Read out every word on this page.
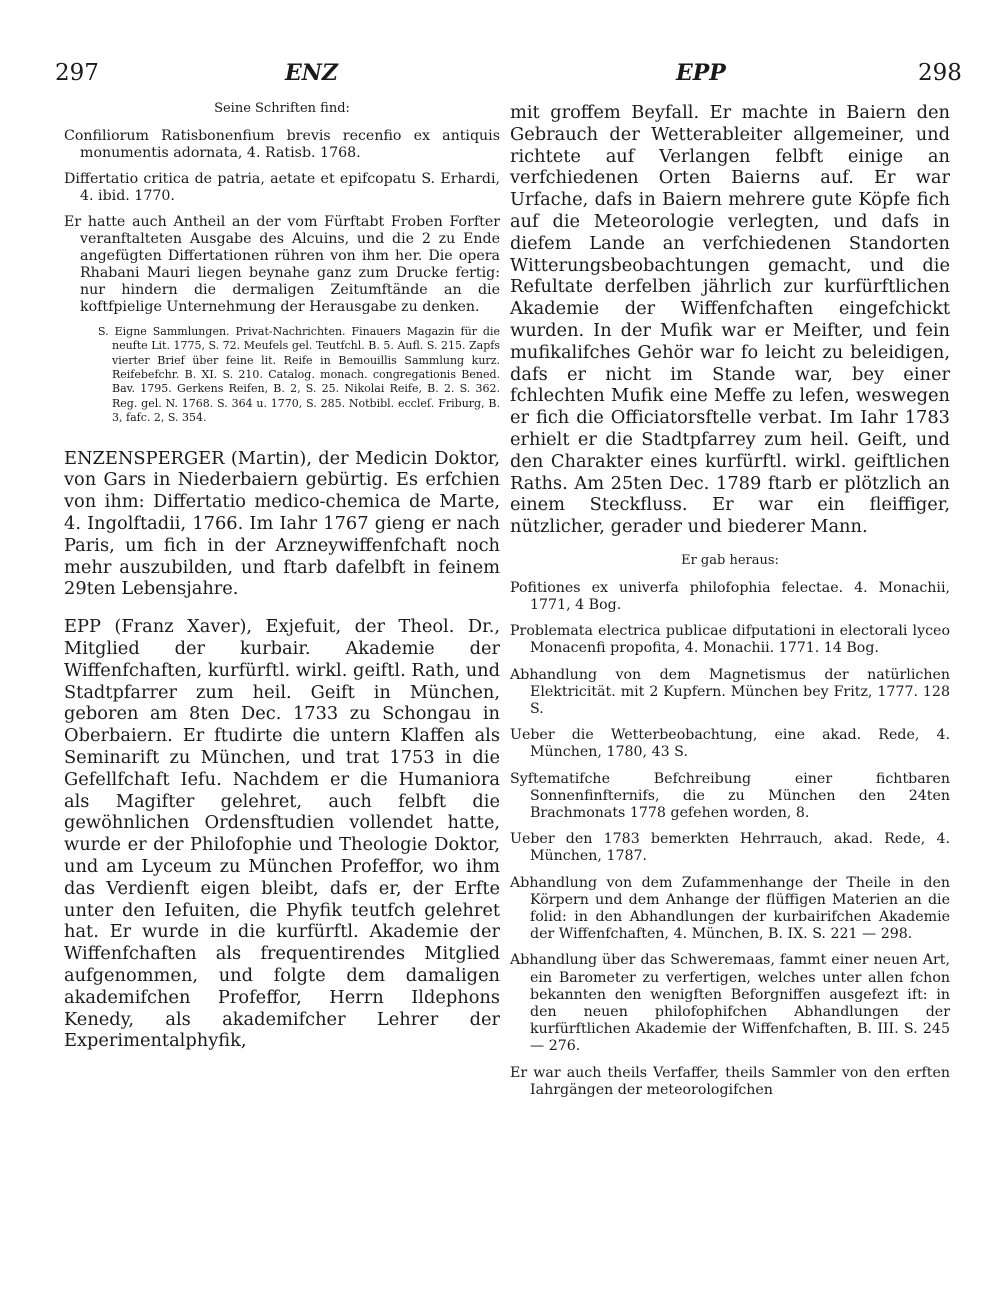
297	ENZ	EPP	298

Seine Schriften find:

Confiliorum Ratisbonenfium brevis recenfio ex antiquis monumentis adornata, 4. Ratisb. 1768.

Differtatio critica de patria, aetate et epifcopatu S. Erhardi, 4. ibid. 1770.

Er hatte auch Antheil an der vom Fürftabt Froben Forfter veranftalteten Ausgabe des Alcuins, und die 2 zu Ende angefügten Differtationen rühren von ihm her. Die opera Rhabani Mauri liegen beynahe ganz zum Drucke fertig: nur hindern die dermaligen Zeitumftände an die koftfpielige Unternehmung der Herausgabe zu denken.

S. Eigne Sammlungen. Privat-Nachrichten. Finauers Magazin für die neufte Lit. 1775, S. 72. Meufels gel. Teutfchl. B. 5. Aufl. S. 215. Zapfs vierter Brief über feine lit. Reife in Bemouillis Sammlung kurz. Reifebefchr. B. XI. S. 210. Catalog. monach. congregationis Bened. Bav. 1795. Gerkens Reifen, B. 2, S. 25. Nikolai Reife, B. 2. S. 362. Reg. gel. N. 1768. S. 364 u. 1770, S. 285. Notbibl. eccleſ. Friburg, B. 3, fafc. 2, S. 354.

ENZENSPERGER (Martin), der Medicin Doktor, von Gars in Niederbaiern gebürtig. Es erfchien von ihm: Differtatio medico-chemica de Marte, 4. Ingolftadii, 1766. Im Iahr 1767 gieng er nach Paris, um fich in der Arzneywiffenfchaft noch mehr auszubilden, und ftarb dafelbft in feinem 29ten Lebensjahre.

EPP (Franz Xaver), Exjefuit, der Theol. Dr., Mitglied der kurbair. Akademie der Wiffenfchaften, kurfürftl. wirkl. geiftl. Rath, und Stadtpfarrer zum heil. Geift in München, geboren am 8ten Dec. 1733 zu Schongau in Oberbaiern. Er ftudirte die untern Klaffen als Seminarift zu München, und trat 1753 in die Gefellfchaft Iefu. Nachdem er die Humaniora als Magifter gelehret, auch felbft die gewöhnlichen Ordensftudien vollendet hatte, wurde er der Philofophie und Theologie Doktor, und am Lyceum zu München Profeffor, wo ihm das Verdienft eigen bleibt, dafs er, der Erfte unter den Iefuiten, die Phyfik teutfch gelehret hat. Er wurde in die kurfürftl. Akademie der Wiffenfchaften als frequentirendes Mitglied aufgenommen, und folgte dem damaligen akademifchen Profeffor, Herrn Ildephons Kenedy, als akademifcher Lehrer der Experimentalphyfik,

mit groffem Beyfall. Er machte in Baiern den Gebrauch der Wetterableiter allgemeiner, und richtete auf Verlangen felbft einige an verfchiedenen Orten Baierns auf. Er war Urfache, dafs in Baiern mehrere gute Köpfe fich auf die Meteorologie verlegten, und dafs in diefem Lande an verfchiedenen Standorten Witterungsbeobachtungen gemacht, und die Refultate derfelben jährlich zur kurfürftlichen Akademie der Wiffenfchaften eingefchickt wurden. In der Mufik war er Meifter, und fein mufikalifches Gehör war fo leicht zu beleidigen, dafs er nicht im Stande war, bey einer fchlechten Mufik eine Meffe zu lefen, weswegen er fich die Officiatorsftelle verbat. Im Iahr 1783 erhielt er die Stadtpfarrey zum heil. Geift, und den Charakter eines kurfürftl. wirkl. geiftlichen Raths. Am 25ten Dec. 1789 ftarb er plötzlich an einem Steckfluss. Er war ein fleiffiger, nützlicher, gerader und biederer Mann.

Er gab heraus:

Pofitiones ex univerfa philofophia felectae. 4. Monachii, 1771, 4 Bog.

Problemata electrica publicae difputationi in electorali lyceo Monacenfi propofita, 4. Monachii. 1771. 14 Bog.

Abhandlung von dem Magnetismus der natürlichen Elektricität. mit 2 Kupfern. München bey Fritz, 1777. 128 S.

Ueber die Wetterbeobachtung, eine akad. Rede, 4. München, 1780, 43 S.

Syftematifche Befchreibung einer fichtbaren Sonnenfinfternifs, die zu München den 24ten Brachmonats 1778 gefehen worden, 8.

Ueber den 1783 bemerkten Hehrrauch, akad. Rede, 4. München, 1787.

Abhandlung von dem Zufammenhange der Theile in den Körpern und dem Anhange der flüffigen Materien an die folid: in den Abhandlungen der kurbairifchen Akademie der Wiffenfchaften, 4. München, B. IX. S. 221 — 298.

Abhandlung über das Schweremaas, fammt einer neuen Art, ein Barometer zu verfertigen, welches unter allen fchon bekannten den wenigften Beforgniffen ausgefezt ift: in den neuen philofophifchen Abhandlungen der kurfürftlichen Akademie der Wiffenfchaften, B. III. S. 245 — 276.

Er war auch theils Verfaffer, theils Sammler von den erften Iahrgängen der meteorologifchen
